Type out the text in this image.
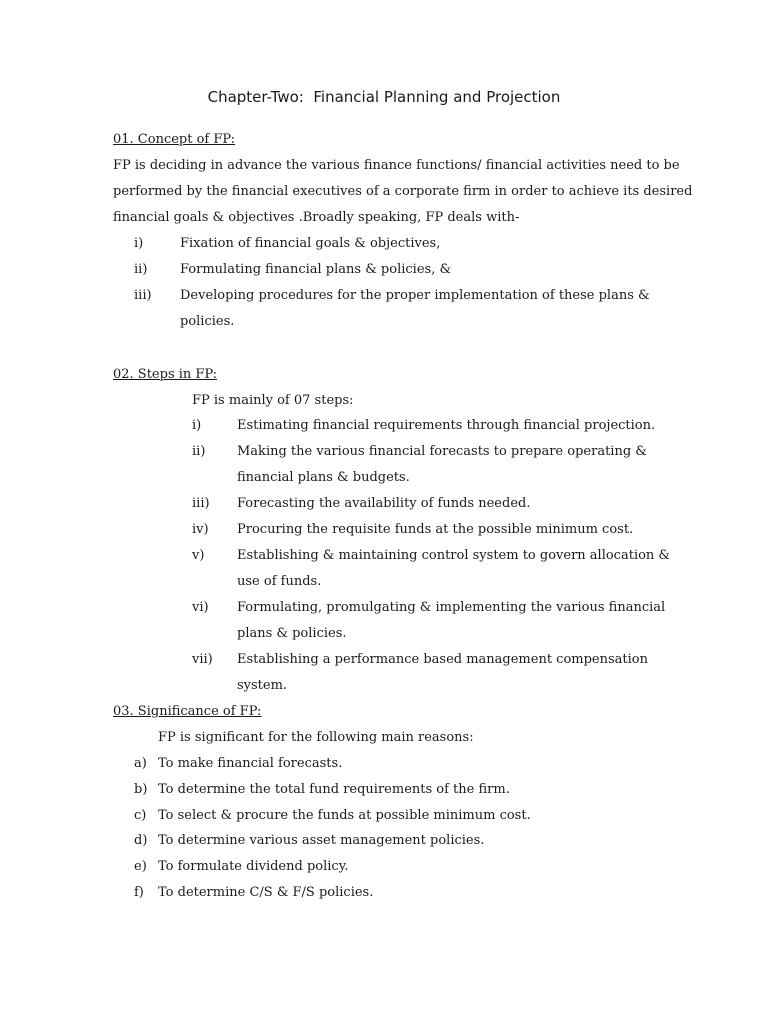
Chapter-Two:  Financial Planning and Projection
01. Concept of FP:
FP is deciding in advance the various finance functions/ financial activities need to be
performed by the financial executives of a corporate firm in order to achieve its desired
financial goals & objectives .Broadly speaking, FP deals with-
i)	Fixation of financial goals & objectives,
ii)	Formulating financial plans & policies, &
iii) Developing procedures for the proper implementation of these plans &
policies.
02. Steps in FP:
FP is mainly of 07 steps:
i)	Estimating financial requirements through financial projection.
ii) Making the various financial forecasts to prepare operating &
financial plans & budgets.
iii) Forecasting the availability of funds needed.
iv) Procuring the requisite funds at the possible minimum cost.
v)	Establishing & maintaining control system to govern allocation &
use of funds.
vi) Formulating, promulgating & implementing the various financial
plans & policies.
vii) Establishing a performance based management compensation
system.
03. Significance of FP:
FP is significant for the following main reasons:
a) To make financial forecasts.
b) To determine the total fund requirements of the firm.
c) To select & procure the funds at possible minimum cost.
d) To determine various asset management policies.
e) To formulate dividend policy.
f) To determine C/S & F/S policies.
